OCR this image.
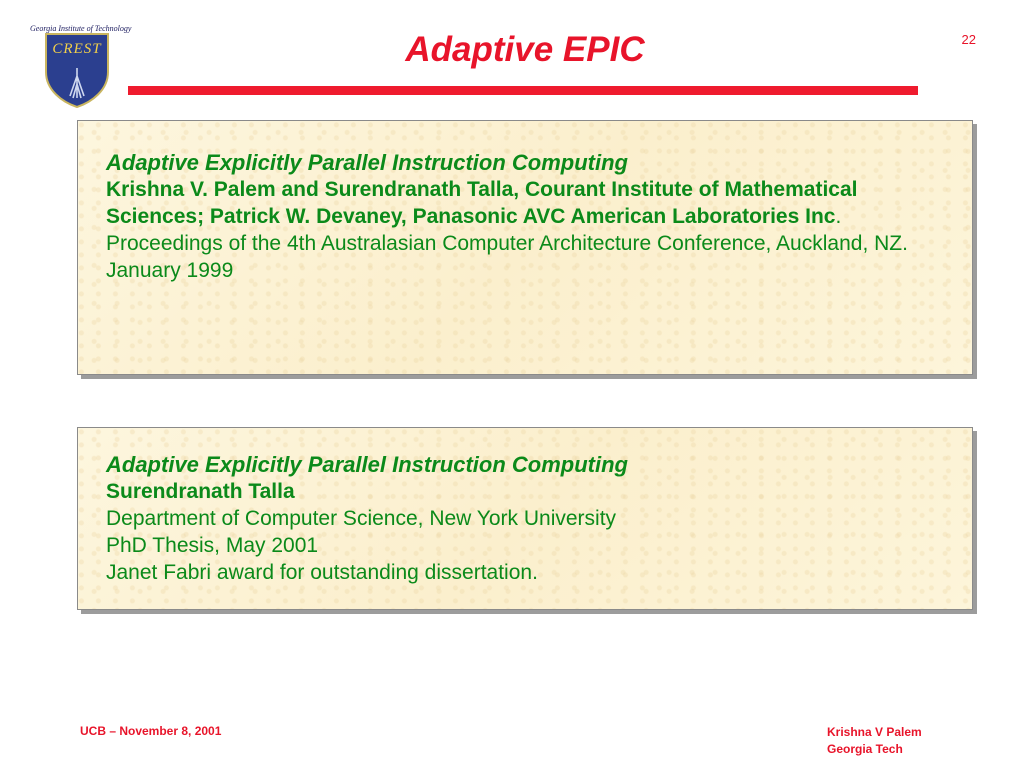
Georgia Institute of Technology
CREST	Adaptive EPIC	22
Adaptive Explicitly Parallel Instruction Computing
Krishna V. Palem and Surendranath Talla, Courant Institute of Mathematical Sciences; Patrick W. Devaney, Panasonic AVC American Laboratories Inc.
Proceedings of the 4th Australasian Computer Architecture Conference, Auckland, NZ. January 1999
Adaptive Explicitly Parallel Instruction Computing
Surendranath Talla
Department of Computer Science, New York University
PhD Thesis, May 2001
Janet Fabri award for outstanding dissertation.
UCB – November 8, 2001	Krishna V Palem
Georgia Tech
